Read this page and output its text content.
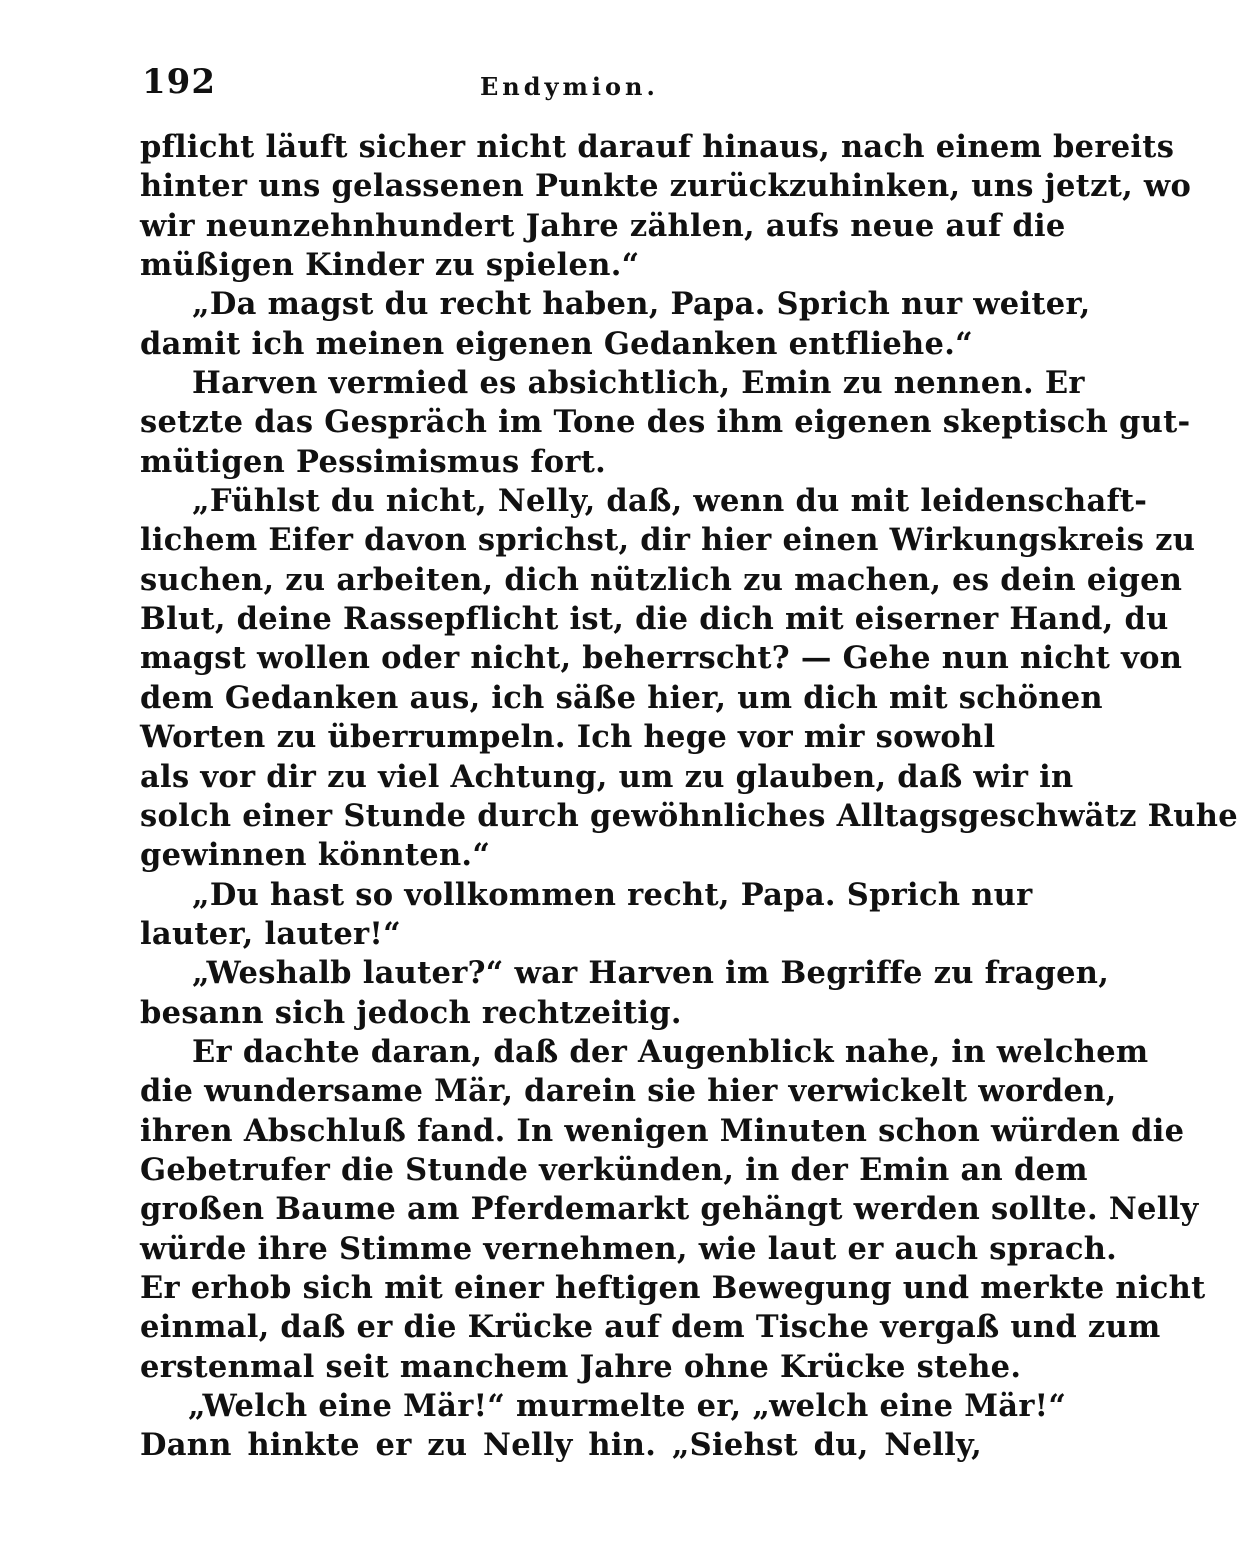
192	Endymion.
pflicht läuft sicher nicht darauf hinaus, nach einem bereits
hinter uns gelassenen Punkte zurückzuhinken, uns jetzt, wo
wir neunzehnhundert Jahre zählen, aufs neue auf die
müßigen Kinder zu spielen.“
„Da magst du recht haben, Papa. Sprich nur weiter,
damit ich meinen eigenen Gedanken entfliehe.“
Harven vermied es absichtlich, Emin zu nennen. Er
setzte das Gespräch im Tone des ihm eigenen skeptisch gut-
mütigen Pessimismus fort.
„Fühlst du nicht, Nelly, daß, wenn du mit leidenschaft-
lichem Eifer davon sprichst, dir hier einen Wirkungskreis zu
suchen, zu arbeiten, dich nützlich zu machen, es dein eigen
Blut, deine Rassepflicht ist, die dich mit eiserner Hand, du
magst wollen oder nicht, beherrscht? — Gehe nun nicht von
dem Gedanken aus, ich säße hier, um dich mit schönen
Worten zu überrumpeln. Ich hege vor mir sowohl
als vor dir zu viel Achtung, um zu glauben, daß wir in
solch einer Stunde durch gewöhnliches Alltagsgeschwätz Ruhe
gewinnen könnten.“
„Du hast so vollkommen recht, Papa. Sprich nur
lauter, lauter!“
„Weshalb lauter?“ war Harven im Begriffe zu fragen,
besann sich jedoch rechtzeitig.
Er dachte daran, daß der Augenblick nahe, in welchem
die wundersame Mär, darein sie hier verwickelt worden,
ihren Abschluß fand. In wenigen Minuten schon würden die
Gebetrufer die Stunde verkünden, in der Emin an dem
großen Baume am Pferdemarkt gehängt werden sollte. Nelly
würde ihre Stimme vernehmen, wie laut er auch sprach.
Er erhob sich mit einer heftigen Bewegung und merkte nicht
einmal, daß er die Krücke auf dem Tische vergaß und zum
erstenmal seit manchem Jahre ohne Krücke stehe.
„Welch eine Mär!“ murmelte er, „welch eine Mär!“
Dann hinkte er zu Nelly hin. „Siehst du, Nelly,
